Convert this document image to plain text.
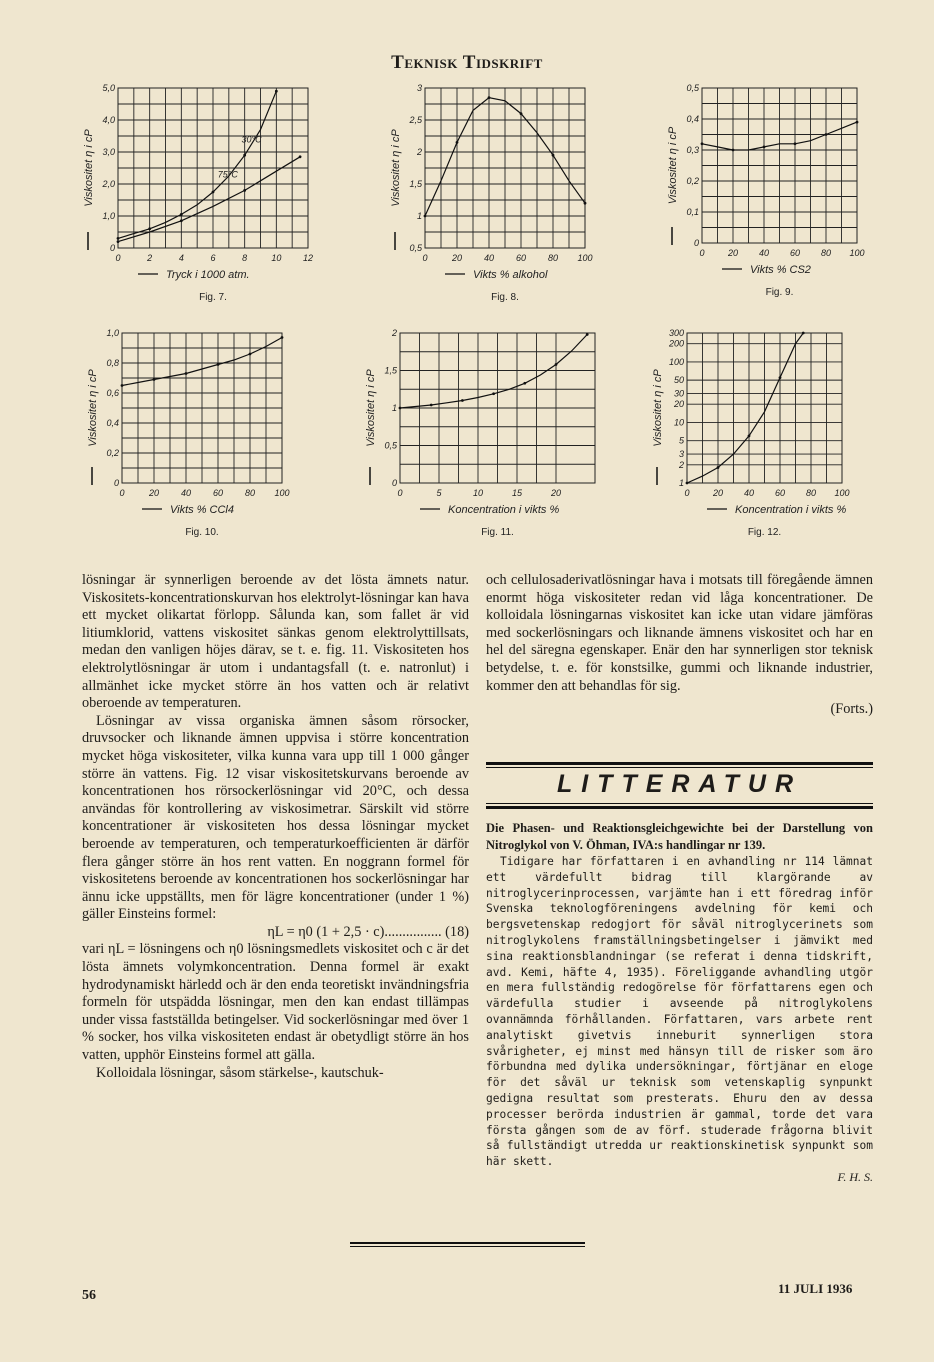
Teknisk Tidskrift
0	2	4	6	8	10 12
0
1,0
2,0
3,0
4,0
5,0
Viskositet η i cP
Tryck i 1000 atm.
Fig. 7.
30°C
75°C
0	20 40 60 80 100
0,5
1
1,5
2
2,5
3
Viskositet η i cP
Vikts % alkohol
Fig. 8.
0	20 40 60 80 100
0
0,1
0,2
0,3
0,4
0,5
Viskositet η i cP
Vikts % CS2
Fig. 9.
0	20 40 60 80 100
0
0,2
0,4
0,6
0,8
1,0
Viskositet η i cP
Vikts % CCl4
Fig. 10.
0	5	10	15	20
0
0,5
1
1,5
2
Viskositet η i cP
Koncentration i vikts %
Fig. 11.
0	20 40 60 80 100
1
2
3
5
10
20
30
50
100
200
300
Viskositet η i cP
Koncentration i vikts %
Fig. 12.

lösningar är synnerligen beroende av det lösta ämnets natur. Viskositets-koncentrationskurvan hos elektrolyt-lösningar kan hava ett mycket olikartat förlopp. Sålunda kan, som fallet är vid litiumklorid, vattens viskositet sänkas genom elektrolyttillsats, medan den vanligen höjes därav, se t. e. fig. 11. Viskositeten hos elektrolytlösningar är utom i undantagsfall (t. e. natronlut) i allmänhet icke mycket större än hos vatten och är relativt oberoende av temperaturen.

Lösningar av vissa organiska ämnen såsom rörsocker, druvsocker och liknande ämnen uppvisa i större koncentration mycket höga viskositeter, vilka kunna vara upp till 1 000 gånger större än vattens. Fig. 12 visar viskositetskurvans beroende av koncentrationen hos rörsockerlösningar vid 20°C, och dessa användas för kontrollering av viskosimetrar. Särskilt vid större koncentrationer är viskositeten hos dessa lösningar mycket beroende av temperaturen, och temperaturkoefficienten är därför flera gånger större än hos rent vatten. En noggrann formel för viskositetens beroende av koncentrationen hos sockerlösningar har ännu icke uppställts, men för lägre koncentrationer (under 1 %) gäller Einsteins formel:

ηL = η0 (1 + 2,5 · c)................ (18)

vari ηL = lösningens och η0 lösningsmedlets viskositet och c är det lösta ämnets volymkoncentration. Denna formel är exakt hydrodynamiskt härledd och är den enda teoretiskt invändningsfria formeln för utspädda lösningar, men den kan endast tillämpas under vissa fastställda betingelser. Vid sockerlösningar med över 1 % socker, hos vilka viskositeten endast är obetydligt större än hos vatten, upphör Einsteins formel att gälla.

Kolloidala lösningar, såsom stärkelse-, kautschuk-

och cellulosaderivatlösningar hava i motsats till föregående ämnen enormt höga viskositeter redan vid låga koncentrationer. De kolloidala lösningarnas viskositet kan icke utan vidare jämföras med sockerlösningars och liknande ämnens viskositet och har en hel del säregna egenskaper. Enär den har synnerligen stor teknisk betydelse, t. e. för konstsilke, gummi och liknande industrier, kommer den att behandlas för sig.

(Forts.)

LITTERATUR

Die Phasen- und Reaktionsgleichgewichte bei der Darstellung von Nitroglykol von V. Öhman, IVA:s handlingar nr 139.

Tidigare har författaren i en avhandling nr 114 lämnat ett värdefullt bidrag till klargörande av nitroglycerinprocessen, varjämte han i ett föredrag inför Svenska teknologföreningens avdelning för kemi och bergsvetenskap redogjort för såväl nitroglycerinets som nitroglykolens framställningsbetingelser i jämvikt med sina reaktionsblandningar (se referat i denna tidskrift, avd. Kemi, häfte 4, 1935). Föreliggande avhandling utgör en mera fullständig redogörelse för författarens egen och värdefulla studier i avseende på nitroglykolens ovannämnda förhållanden. Författaren, vars arbete rent analytiskt givetvis inneburit synnerligen stora svårigheter, ej minst med hänsyn till de risker som äro förbundna med dylika undersökningar, förtjänar en eloge för det såväl ur teknisk som vetenskaplig synpunkt gedigna resultat som presterats. Ehuru den av dessa processer berörda industrien är gammal, torde det vara första gången som de av förf. studerade frågorna blivit så fullständigt utredda ur reaktionskinetisk synpunkt som här skett.

F. H. S.

56	11 JULI 1936
